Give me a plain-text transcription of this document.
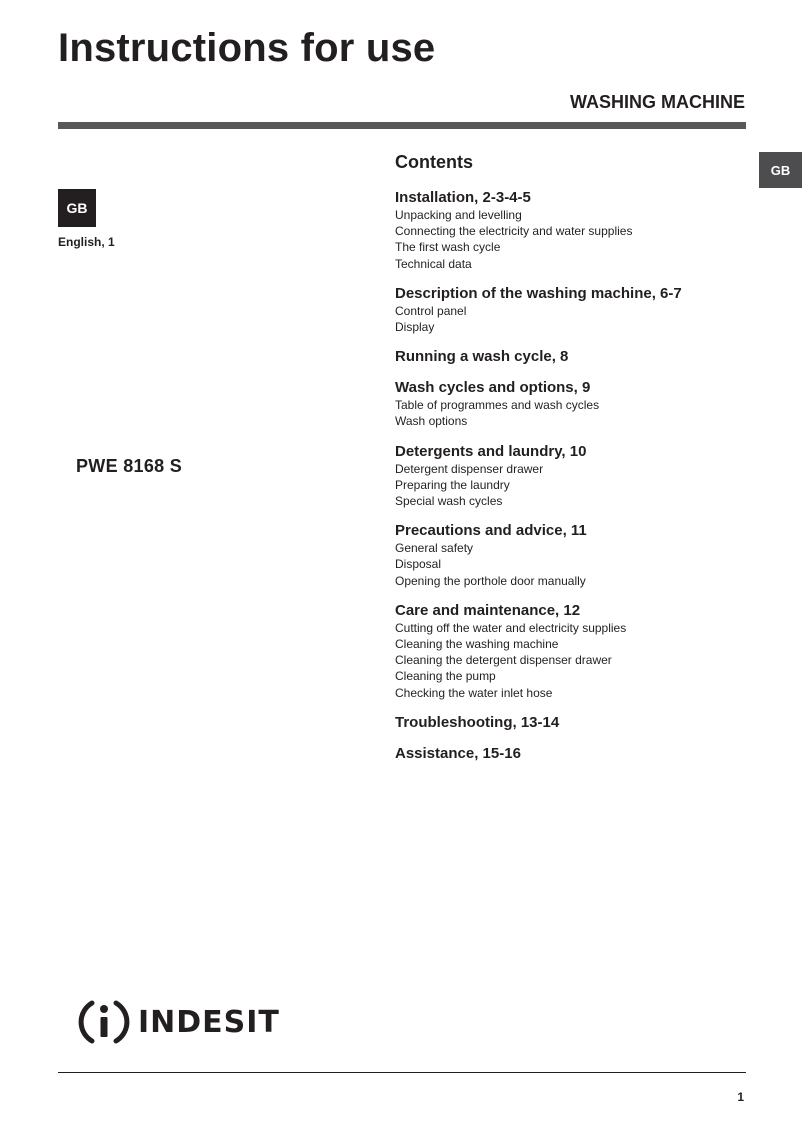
Instructions for use
WASHING MACHINE
GB
GB
English, 1
PWE 8168 S
Contents
Installation, 2-3-4-5
Unpacking and levelling
Connecting the electricity and water supplies
The first wash cycle
Technical data
Description of the washing machine, 6-7
Control panel
Display
Running a wash cycle, 8
Wash cycles and options, 9
Table of programmes and wash cycles
Wash options
Detergents and laundry, 10
Detergent dispenser drawer
Preparing the laundry
Special wash cycles
Precautions and advice, 11
General safety
Disposal
Opening the porthole door manually
Care and maintenance, 12
Cutting off the water and electricity supplies
Cleaning the washing machine
Cleaning the detergent dispenser drawer
Cleaning the pump
Checking the water inlet hose
Troubleshooting, 13-14
Assistance, 15-16
INDESIT
1
